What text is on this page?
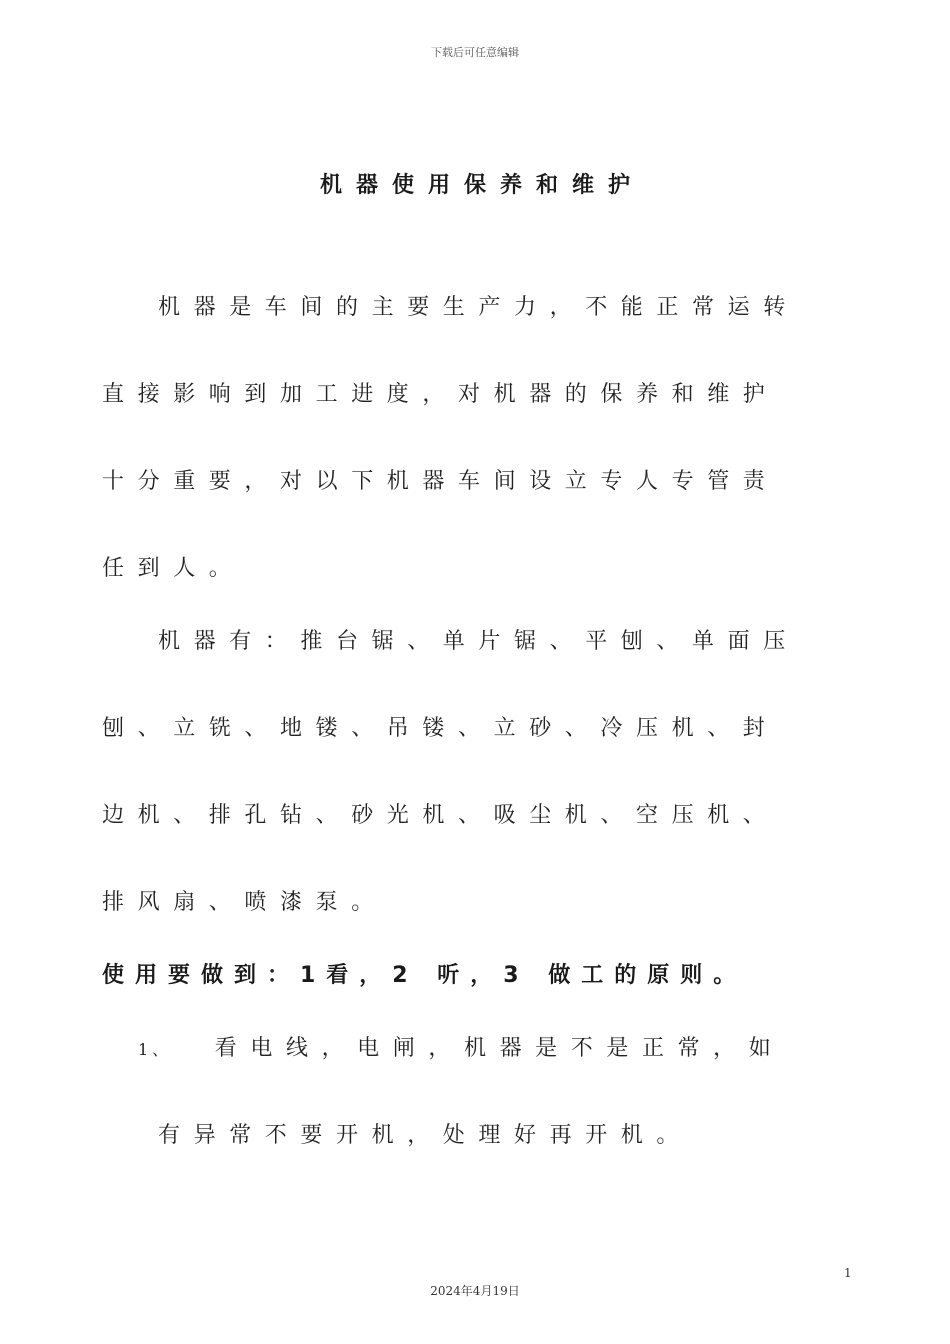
下载后可任意编辑
机器使用保养和维护
机器是车间的主要生产力，不能正常运转
直接影响到加工进度，对机器的保养和维护
十分重要，对以下机器车间设立专人专管责
任到人。
机器有：推台锯、单片锯、平刨、单面压
刨、立铣、地镂、吊镂、立砂、冷压机、封
边机、排孔钻、砂光机、吸尘机、空压机、
排风扇、喷漆泵。
使用要做到：1看，2 听，3 做工的原则。
1、 看电线，电闸，机器是不是正常，如
有异常不要开机，处理好再开机。
1
2024年4月19日
